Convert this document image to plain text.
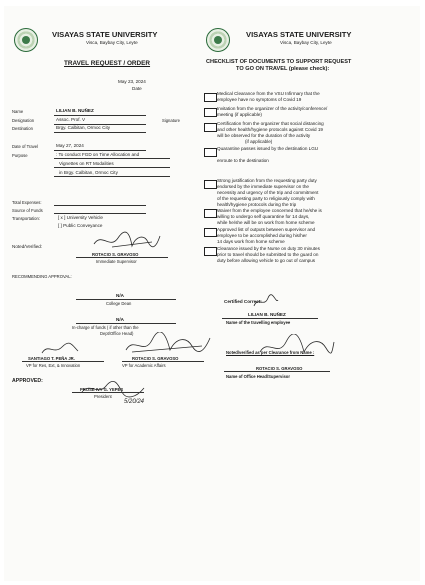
VISAYAS STATE UNIVERSITY
Visca, Baybay City, Leyte
TRAVEL REQUEST / ORDER
May 23, 2024
Date
Name	LILIAN B. NUÑEZ
Designation	Assoc. Prof. V	Signature
Destination	Brgy. Calbitan, Ormoc City
Date of Travel	May 27, 2024
Purpose	: To conduct FGD on Time Allocation and
Vignettes on RT Modalities
in Brgy. Calbitan, Ormoc City
Total Expenses:
Source of Funds
Transportation:	[ x ] University Vehicle
[ ] Public Conveyance
Noted/Verified:
ROTACIO S. GRAVOSO
Immediate Supervisor
RECOMMENDING APPROVAL:
N/A
College Dean
N/A
In-charge of funds ( if other than the
Dept/Office Head)
SANTIAGO T. PEÑA JR.
VP for Res, Ext, & Innovation
ROTACIO S. GRAVOSO
VP for Academic Affairs
APPROVED:
PROSE IVY G. YEPES
President
5/20/24
VISAYAS STATE UNIVERSITY
Visca, Baybay City, Leyte
CHECKLIST OF DOCUMENTS TO SUPPORT REQUEST
TO GO ON TRAVEL (please check):
Medical Clearance from the VSU Infirmary that the
employee have no symptoms of Covid 19
Invitation from the organizer of the activity/conference/
meeting (if applicable)
Certification from the organizer that social distancing
and other health/hygiene protocols against Covid 19
will be observed for the duration of the activity
(if applicable)
Quarantine passes issued by the destination LGU

enroute to the destination
Strong justification from the requesting party duty
endorsed by the immediate supervisor on the
necessity and urgency of the trip and commitment
of the requesting party to religiously comply with
health/hygiene protocols during the trip
Waiver from the employee concerned that he/she is
willing to undergo self quarantine for 14 days,
while he/she will be on work from home scheme
Approved list of outputs between supervisor and
employee to be accomplished during his/her
14 days work from home scheme
Clearance issued by the Nurse on duty 30 minutes
prior to travel should be submitted to the guard on
duty before allowing vehicle to go out of campus
Certified Correct:
LILIAN B. NUÑEZ
Name of the travelling employee
Noted/verified as per Clearance from Name :
ROTACIO S. GRAVOSO
Name of Office Head/Supervisor
